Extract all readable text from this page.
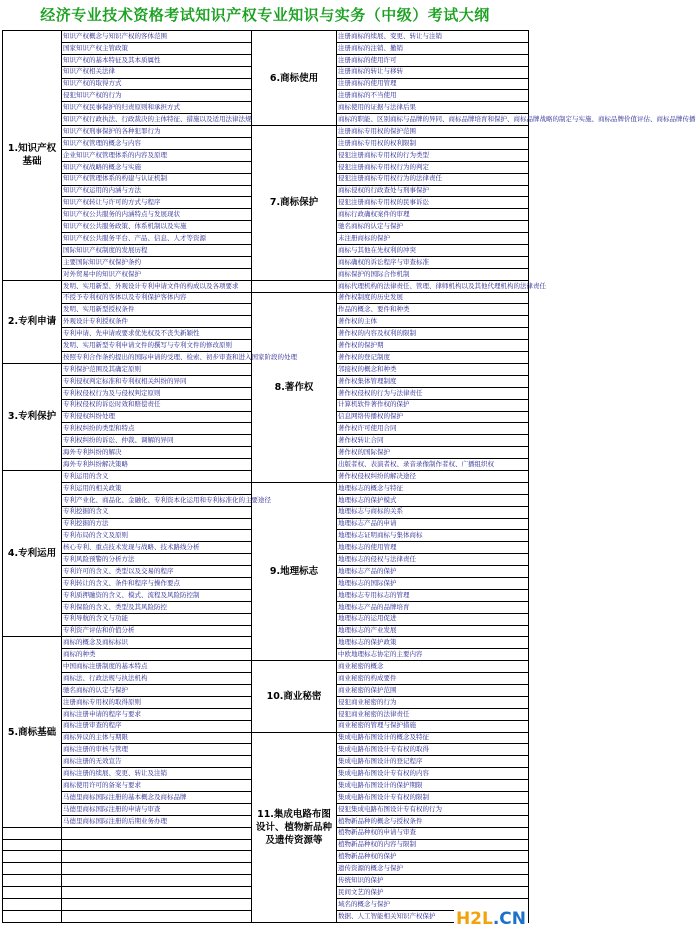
经济专业技术资格考试知识产权专业知识与实务（中级）考试大纲
1.知识产权基础	知识产权概念与知识产权的客体范围	6.商标使用	注册商标的续展、变更、转让与注销
	国家知识产权主管政策		注册商标的注销、撤销
	知识产权的基本特征及其本质属性		注册商标的使用许可
	知识产权相关法律		注册商标的转让与移转
	知识产权的取得方式		注册商标的使用管理
	侵犯知识产权的行为		注册商标的不当使用
	知识产权民事保护的归责原则和承担方式		商标使用的证据与法律后果
	知识产权行政执法、行政裁决的主体特征、措施以及适用法律法规		商标的职能、区别商标与品牌的异同、商标品牌培育和保护、商标品牌战略的制定与实施、商标品牌价值评估、商标品牌传播
	知识产权刑事保护的各种犯罪行为	7.商标保护	注册商标专用权的保护范围
	知识产权管理的概念与内容		注册商标专用权的权利限制
	企业知识产权管理体系的内容及原理		侵犯注册商标专用权的行为类型
	知识产权战略的概念与实施		侵犯注册商标专用权行为的判定
	知识产权管理体系的构建与认证机制		侵犯注册商标专用权行为的法律责任
	知识产权运用的内涵与方法		商标侵权的行政查处与刑事保护
	知识产权转让与许可的方式与程序		侵犯注册商标专用权的民事诉讼
	知识产权公共服务的内涵特点与发展现状		商标行政确权案件的审理
	知识产权公共服务政策、体系机制以及实施		驰名商标的认定与保护
	知识产权公共服务平台、产品、信息、人才等资源		未注册商标的保护
	国际知识产权制度的发展历程		商标与其他在先权利的冲突
	主要国际知识产权保护条约		商标确权的诉讼程序与审查标准
	对外贸易中的知识产权保护		商标保护的国际合作机制
2.专利申请	发明、实用新型、外观设计专利申请文件的构成以及各项要求		商标代理机构的法律责任、管理、律师机构以及其他代理机构的法律责任
	不授予专利权的客体以及专利保护客体内容	8.著作权	著作权制度的历史发展
	发明、实用新型授权条件		作品的概念、要件和种类
	外观设计专利授权条件		著作权的主体
	专利申请、先申请或要求优先权及不丧失新颖性		著作权的内容及权利的限制
	发明、实用新型专利申请文件的撰写与专利文件的修改原则		著作权的保护期
	按照专利合作条约提出的国际申请的受理、检索、初步审查和进入国家阶段的处理		著作权的登记制度
3.专利保护	专利保护范围及其确定原则		邻接权的概念和种类
	专利侵权判定标准和专利权相关纠纷的异同		著作权集体管理制度
	专利权侵权行为及与侵权判定原则		著作权侵权的行为与法律责任
	专利权侵权的诉讼时效和赔偿责任		计算机软件著作权的保护
	专利侵权纠纷处理		信息网络传播权的保护
	专利权纠纷的类型和特点		著作权许可使用合同
	专利权纠纷的诉讼、仲裁、调解的异同		著作权转让合同
	海外专利纠纷的解决		著作权的国际保护
	海外专利纠纷解决策略		出版者权、表演者权、录音录像制作者权、广播组织权
4.专利运用	专利运用的含义		著作权侵权纠纷的解决途径
	专利运用的相关政策	9.地理标志	地理标志的概念与特征
	专利产业化、商品化、金融化、专利资本化运用和专利标准化的主要途径		地理标志的保护模式
	专利挖掘的含义		地理标志与商标的关系
	专利挖掘的方法		地理标志产品的申请
	专利布局的含义及原则		地理标志证明商标与集体商标
	核心专利、重点技术发现与战略、技术路线分析		地理标志的使用管理
	专利风险预警的分析方法		地理标志的侵权与法律责任
	专利许可的含义、类型以及交易的程序		地理标志产品的保护
	专利转让的含义、条件和程序与操作要点		地理标志的国际保护
	专利质押融资的含义、模式、流程及风险防控制		地理标志专用标志的管理
	专利保险的含义、类型及其风险防控		地理标志产品的品牌培育
	专利导航的含义与功能		地理标志的运用促进
	专利资产评估和价值分析		地理标志的产业发展
5.商标基础	商标的概念及商标标识		地理标志的保护政策
	商标的种类		中欧地理标志协定的主要内容
	中国商标注册制度的基本特点	10.商业秘密	商业秘密的概念
	商标法、行政法规与执法机构		商业秘密的构成要件
	驰名商标的认定与保护		商业秘密的保护范围
	注册商标专用权的取得原则		侵犯商业秘密的行为
	商标注册申请的程序与要求		侵犯商业秘密的法律责任
	商标注册审查的程序		商业秘密的管理与保护措施
	商标异议的主体与期限	11.集成电路布图设计、植物新品种及遗传资源等	集成电路布图设计的概念及特征
	商标注册的审核与管理		集成电路布图设计专有权的取得
	商标注册的无效宣告		集成电路布图设计的登记程序
	商标注册的续展、变更、转让及注销		集成电路布图设计专有权的内容
	商标使用许可的备案与要求		集成电路布图设计的保护期限
	马德里商标国际注册的基本概念及商标品牌		集成电路布图设计专有权的限制
	马德里商标国际注册的申请与审查		侵犯集成电路布图设计专有权的行为
	马德里商标国际注册的后期业务办理		植物新品种的概念与授权条件
			植物新品种权的申请与审查
			植物新品种权的内容与限制
			植物新品种权的保护
			遗传资源的概念与保护
			传统知识的保护
			民间文艺的保护
			域名的概念与保护
			数据、人工智能相关知识产权保护 H2L.CN
